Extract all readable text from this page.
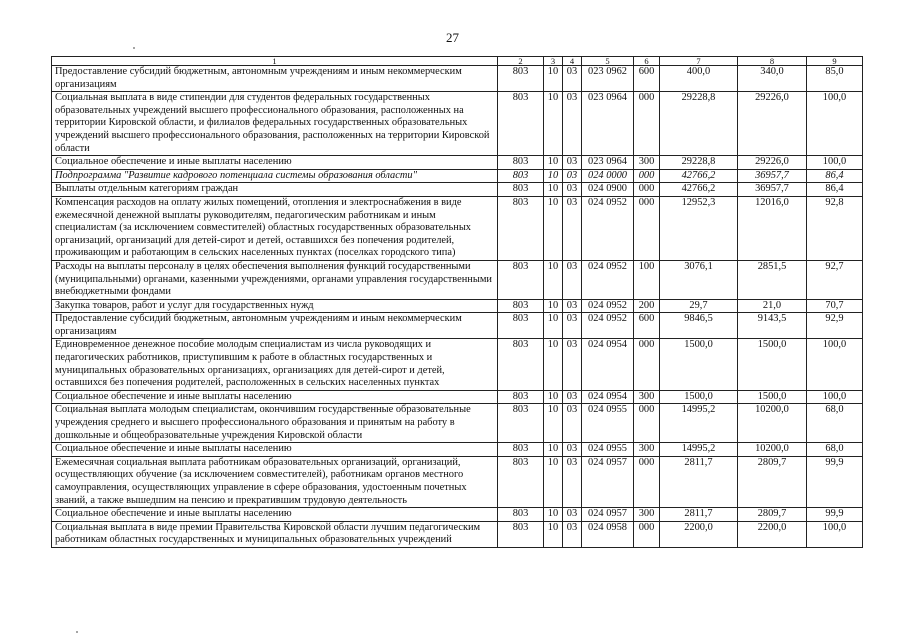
27
1	2	3	4	5	6	7	8	9
Предоставление субсидий бюджетным, автономным учреждениям и иным некоммерческим организациям	803	10	03	023 0962	600	400,0	340,0	85,0
Социальная выплата в виде стипендии для студентов федеральных государственных образовательных учреждений высшего профессионального образования, расположенных на территории Кировской области, и филиалов федеральных государственных образовательных учреждений высшего профессионального образования, расположенных на территории Кировской области	803	10	03	023 0964	000	29228,8	29226,0	100,0
Социальное обеспечение и иные выплаты населению	803	10	03	023 0964	300	29228,8	29226,0	100,0
Подпрограмма "Развитие кадрового потенциала системы образования области"	803	10	03	024 0000	000	42766,2	36957,7	86,4
Выплаты отдельным категориям граждан	803	10	03	024 0900	000	42766,2	36957,7	86,4
Компенсация расходов на оплату жилых помещений, отопления и электроснабжения в виде ежемесячной денежной выплаты руководителям, педагогическим работникам и иным специалистам (за исключением совместителей) областных государственных образовательных организаций, организаций для детей-сирот и детей, оставшихся без попечения родителей, проживающим и работающим в сельских населенных пунктах (поселках городского типа)	803	10	03	024 0952	000	12952,3	12016,0	92,8
Расходы на выплаты персоналу в целях обеспечения выполнения функций государственными (муниципальными) органами, казенными учреждениями, органами управления государственными внебюджетными фондами	803	10	03	024 0952	100	3076,1	2851,5	92,7
Закупка товаров, работ и услуг для государственных нужд	803	10	03	024 0952	200	29,7	21,0	70,7
Предоставление субсидий бюджетным, автономным учреждениям и иным некоммерческим организациям	803	10	03	024 0952	600	9846,5	9143,5	92,9
Единовременное денежное пособие молодым специалистам из числа руководящих и педагогических работников, приступившим к работе в областных государственных и муниципальных образовательных организациях, организациях для детей-сирот и детей, оставшихся без попечения родителей, расположенных в сельских населенных пунктах	803	10	03	024 0954	000	1500,0	1500,0	100,0
Социальное обеспечение и иные выплаты населению	803	10	03	024 0954	300	1500,0	1500,0	100,0
Социальная выплата молодым специалистам, окончившим государственные образовательные учреждения среднего и высшего профессионального образования и принятым на работу в дошкольные и общеобразовательные учреждения Кировской области	803	10	03	024 0955	000	14995,2	10200,0	68,0
Социальное обеспечение и иные выплаты населению	803	10	03	024 0955	300	14995,2	10200,0	68,0
Ежемесячная социальная выплата работникам образовательных организаций, организаций, осуществляющих обучение (за исключением совместителей), работникам органов местного самоуправления, осуществляющих управление в сфере образования, удостоенным почетных званий, а также вышедшим на пенсию и прекратившим трудовую деятельность	803	10	03	024 0957	000	2811,7	2809,7	99,9
Социальное обеспечение и иные выплаты населению	803	10	03	024 0957	300	2811,7	2809,7	99,9
Социальная выплата в виде премии Правительства Кировской области лучшим педагогическим работникам областных государственных и муниципальных образовательных учреждений	803	10	03	024 0958	000	2200,0	2200,0	100,0
